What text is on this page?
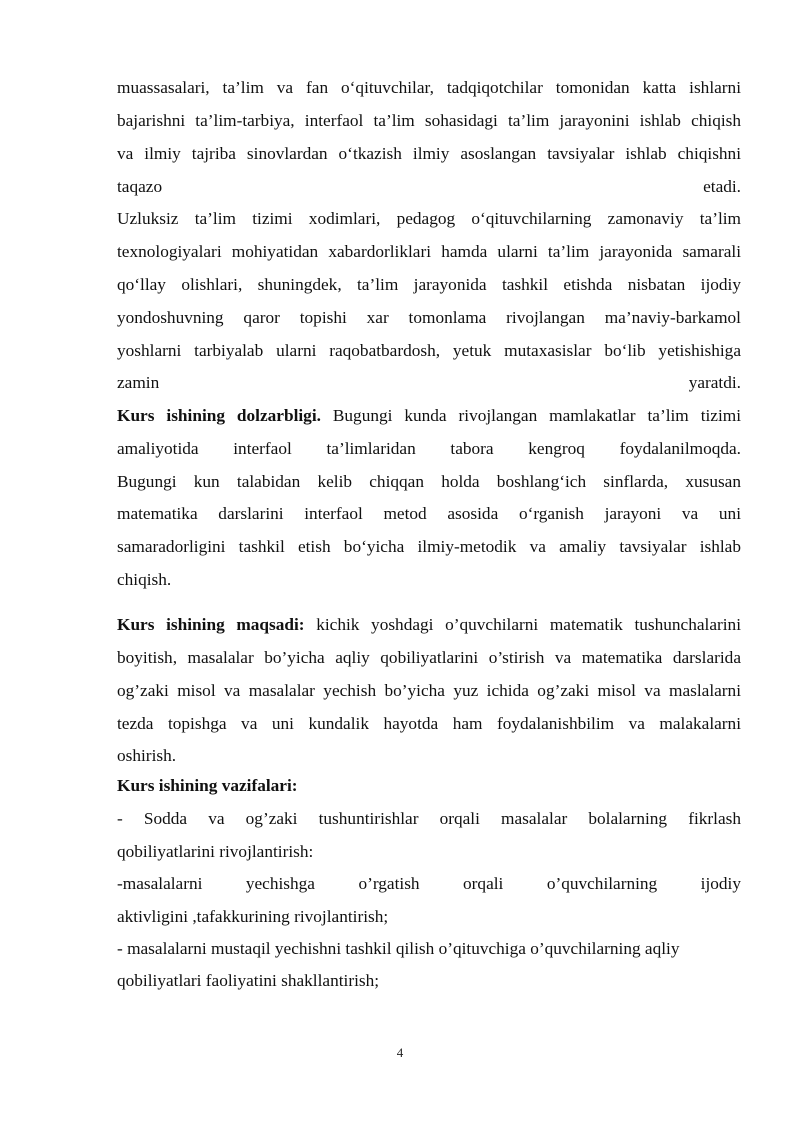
muassasalari, ta’lim va fan o‘qituvchilar, tadqiqotchilar tomonidan katta ishlarni
bajarishni ta’lim-tarbiya, interfaol ta’lim sohasidagi ta’lim jarayonini ishlab chiqish
va ilmiy tajriba sinovlardan o‘tkazish ilmiy asoslangan tavsiyalar ishlab chiqishni
taqazo	etadi.
Uzluksiz ta’lim tizimi xodimlari, pedagog o‘qituvchilarning zamonaviy ta’lim
texnologiyalari mohiyatidan xabardorliklari hamda ularni ta’lim jarayonida samarali
qo‘llay olishlari, shuningdek, ta’lim jarayonida tashkil etishda nisbatan ijodiy
yondoshuvning qaror topishi xar tomonlama rivojlangan ma’naviy-barkamol
yoshlarni tarbiyalab ularni raqobatbardosh, yetuk mutaxasislar bo‘lib yetishishiga
zamin	yaratdi.
Kurs ishining dolzarbligi. Bugungi kunda rivojlangan mamlakatlar ta’lim tizimi
amaliyotida interfaol ta’limlaridan tabora kengroq foydalanilmoqda.
Bugungi kun talabidan kelib chiqqan holda boshlang‘ich sinflarda, xususan
matematika darslarini interfaol metod asosida o‘rganish jarayoni va uni
samaradorligini tashkil etish bo‘yicha ilmiy-metodik va amaliy tavsiyalar ishlab
chiqish.
Kurs ishining maqsadi: kichik yoshdagi o’quvchilarni matematik tushunchalarini
boyitish, masalalar bo’yicha aqliy qobiliyatlarini o’stirish va matematika darslarida
og’zaki misol va masalalar yechish bo’yicha yuz ichida og’zaki misol va maslalarni
tezda topishga va uni kundalik hayotda ham foydalanishbilim va malakalarni
oshirish.
Kurs ishining vazifalari:
- Sodda va og’zaki tushuntirishlar orqali masalalar bolalarning fikrlash
qobiliyatlarini rivojlantirish:
-masalalarni yechishga o’rgatish orqali o’quvchilarning ijodiy
aktivligini ,tafakkurining rivojlantirish;
- masalalarni mustaqil yechishni tashkil qilish o’qituvchiga o’quvchilarning aqliy
qobiliyatlari faoliyatini shakllantirish;
4
